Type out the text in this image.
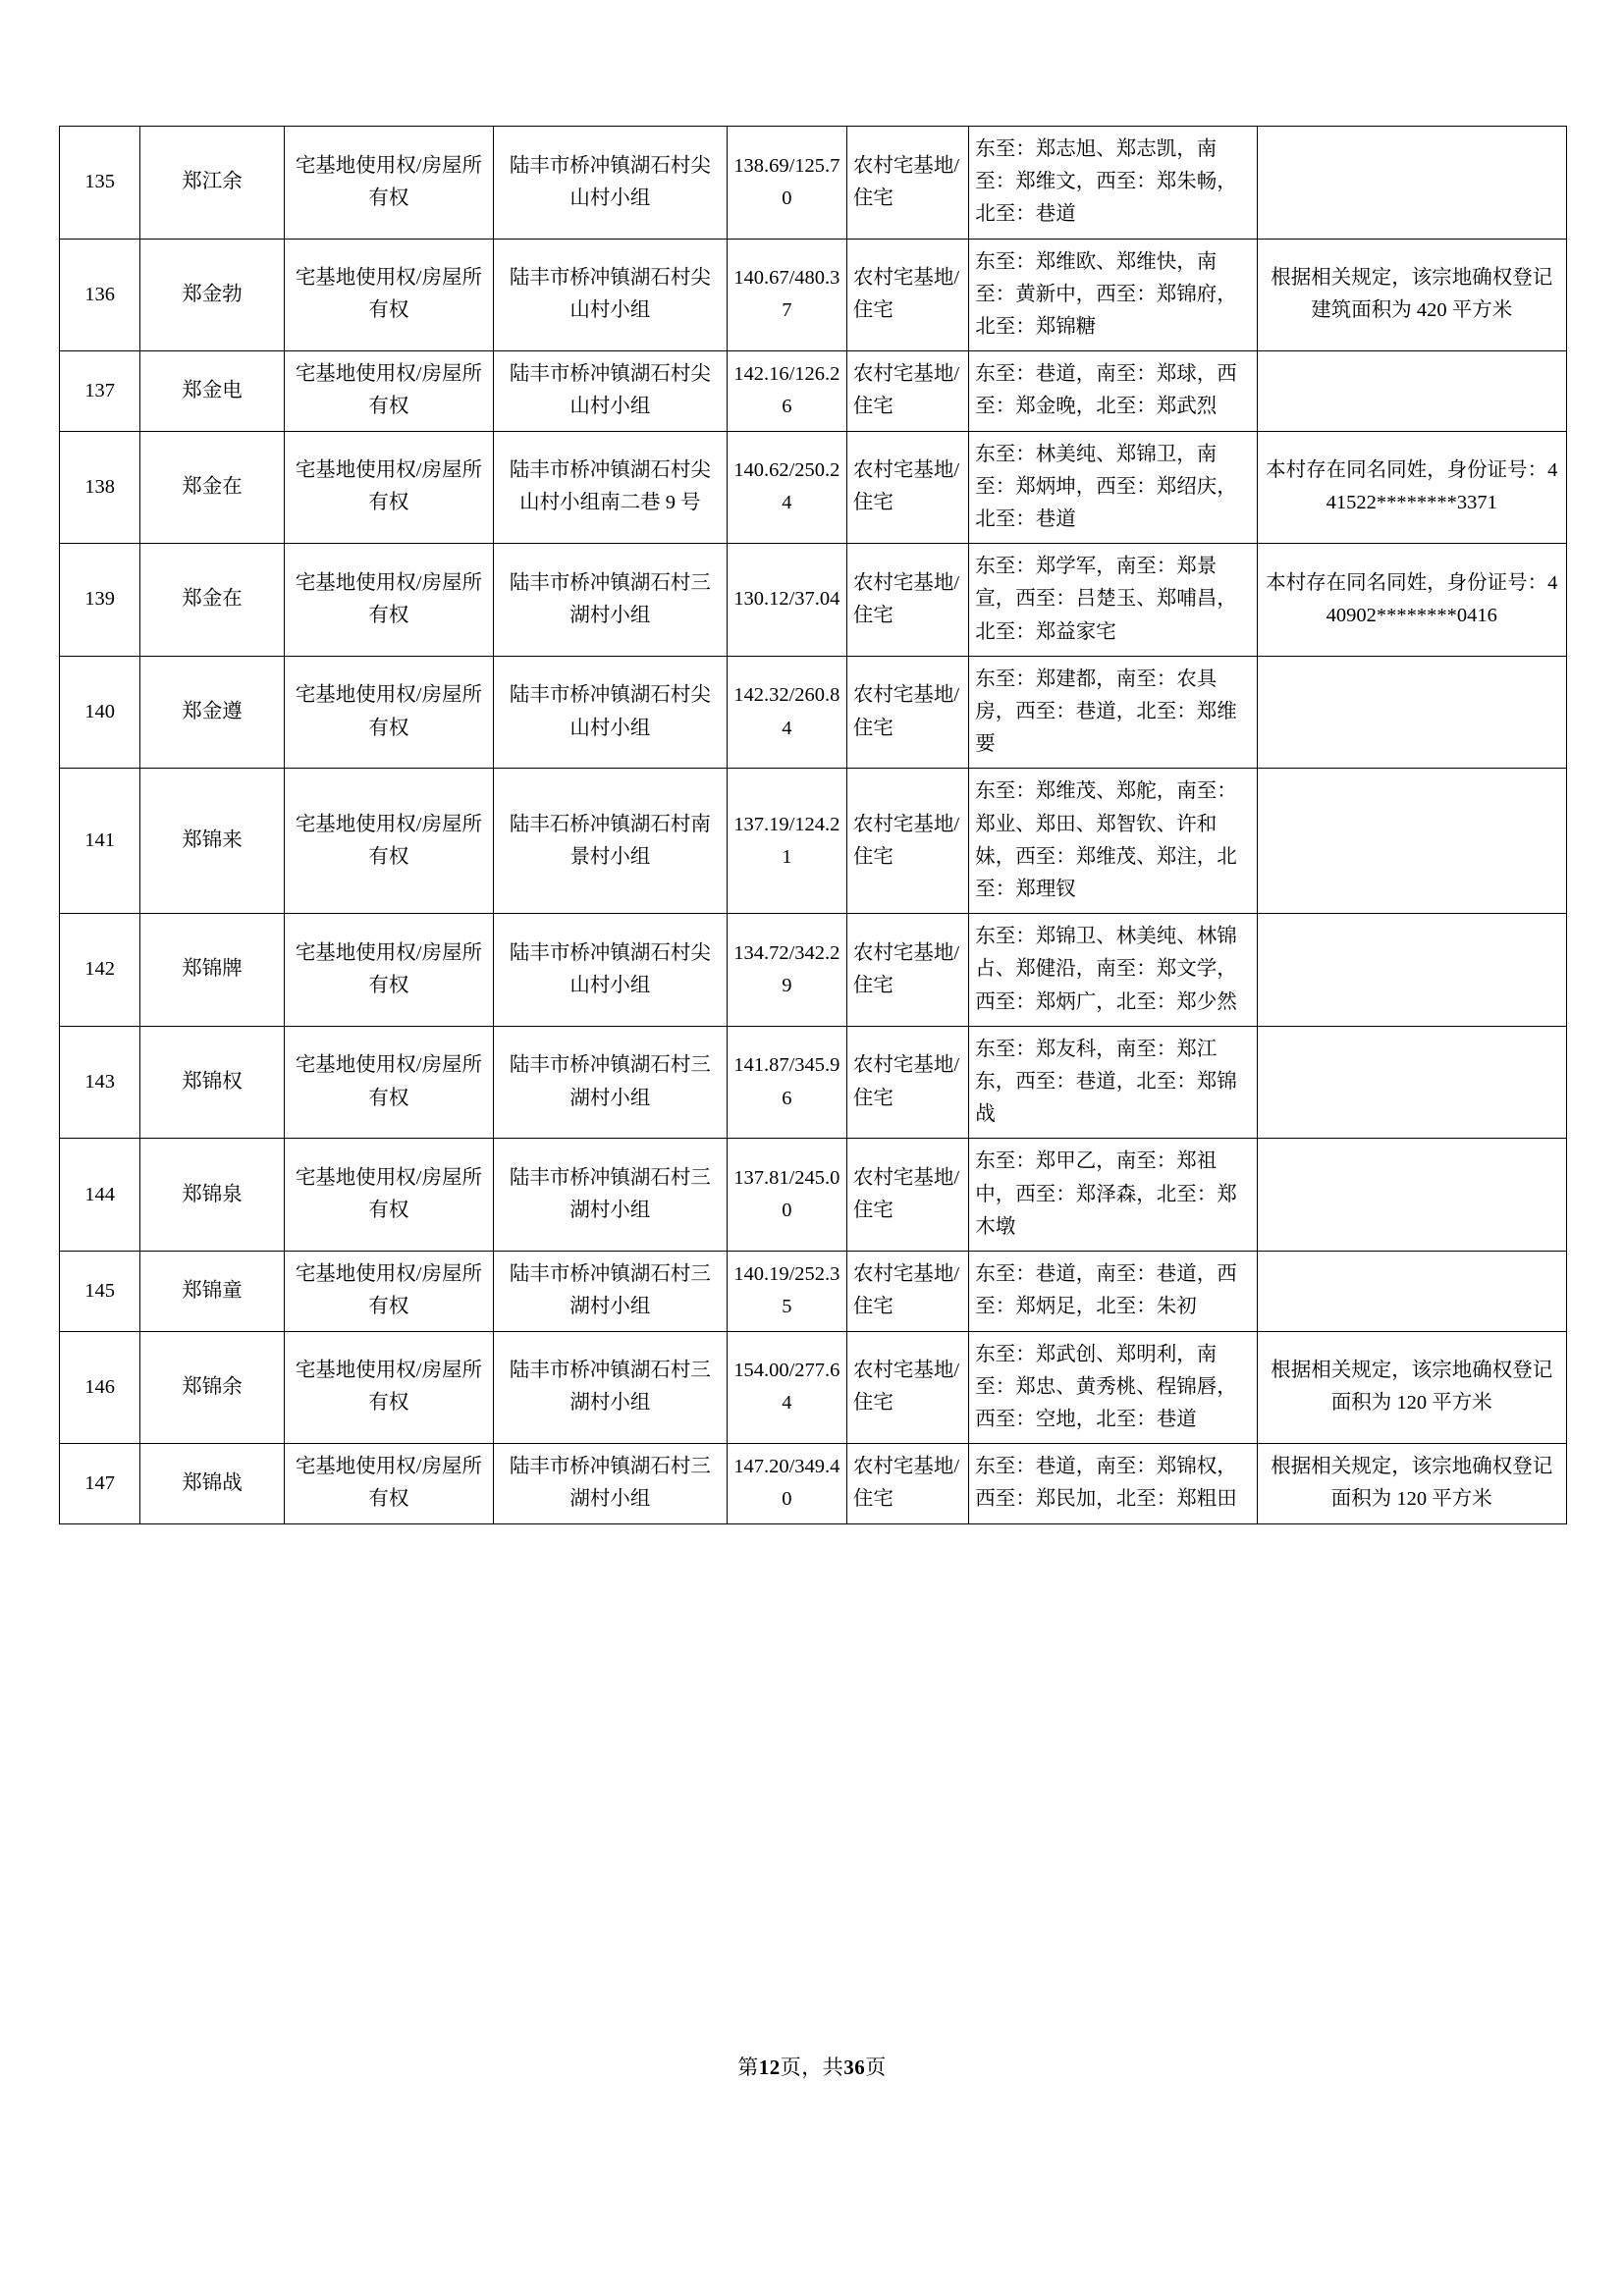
135	郑江余	宅基地使用权/房屋所有权	陆丰市桥冲镇湖石村尖山村小组	138.69/125.70	农村宅基地/住宅	东至：郑志旭、郑志凯，南至：郑维文，西至：郑朱畅，北至：巷道	
136	郑金勃	宅基地使用权/房屋所有权	陆丰市桥冲镇湖石村尖山村小组	140.67/480.37	农村宅基地/住宅	东至：郑维欧、郑维快，南至：黄新中，西至：郑锦府，北至：郑锦糖	根据相关规定，该宗地确权登记建筑面积为 420 平方米
137	郑金电	宅基地使用权/房屋所有权	陆丰市桥冲镇湖石村尖山村小组	142.16/126.26	农村宅基地/住宅	东至：巷道，南至：郑球，西至：郑金晚，北至：郑武烈	
138	郑金在	宅基地使用权/房屋所有权	陆丰市桥冲镇湖石村尖山村小组南二巷 9 号	140.62/250.24	农村宅基地/住宅	东至：林美纯、郑锦卫，南至：郑炳坤，西至：郑绍庆，北至：巷道	本村存在同名同姓，身份证号：441522********3371
139	郑金在	宅基地使用权/房屋所有权	陆丰市桥冲镇湖石村三湖村小组	130.12/37.04	农村宅基地/住宅	东至：郑学军，南至：郑景宣，西至：吕楚玉、郑哺昌，北至：郑益家宅	本村存在同名同姓，身份证号：440902********0416
140	郑金遵	宅基地使用权/房屋所有权	陆丰市桥冲镇湖石村尖山村小组	142.32/260.84	农村宅基地/住宅	东至：郑建都，南至：农具房，西至：巷道，北至：郑维要	
141	郑锦来	宅基地使用权/房屋所有权	陆丰石桥冲镇湖石村南景村小组	137.19/124.21	农村宅基地/住宅	东至：郑维茂、郑舵，南至：郑业、郑田、郑智钦、许和妹，西至：郑维茂、郑注，北至：郑理钗	
142	郑锦牌	宅基地使用权/房屋所有权	陆丰市桥冲镇湖石村尖山村小组	134.72/342.29	农村宅基地/住宅	东至：郑锦卫、林美纯、林锦占、郑健沿，南至：郑文学，西至：郑炳广，北至：郑少然	
143	郑锦权	宅基地使用权/房屋所有权	陆丰市桥冲镇湖石村三湖村小组	141.87/345.96	农村宅基地/住宅	东至：郑友科，南至：郑江东，西至：巷道，北至：郑锦战	
144	郑锦泉	宅基地使用权/房屋所有权	陆丰市桥冲镇湖石村三湖村小组	137.81/245.00	农村宅基地/住宅	东至：郑甲乙，南至：郑祖中，西至：郑泽森，北至：郑木墩	
145	郑锦童	宅基地使用权/房屋所有权	陆丰市桥冲镇湖石村三湖村小组	140.19/252.35	农村宅基地/住宅	东至：巷道，南至：巷道，西至：郑炳足，北至：朱初	
146	郑锦余	宅基地使用权/房屋所有权	陆丰市桥冲镇湖石村三湖村小组	154.00/277.64	农村宅基地/住宅	东至：郑武创、郑明利，南至：郑忠、黄秀桃、程锦唇，西至：空地，北至：巷道	根据相关规定，该宗地确权登记面积为 120 平方米
147	郑锦战	宅基地使用权/房屋所有权	陆丰市桥冲镇湖石村三湖村小组	147.20/349.40	农村宅基地/住宅	东至：巷道，南至：郑锦权，西至：郑民加，北至：郑粗田	根据相关规定，该宗地确权登记面积为 120 平方米
第12页，共36页
